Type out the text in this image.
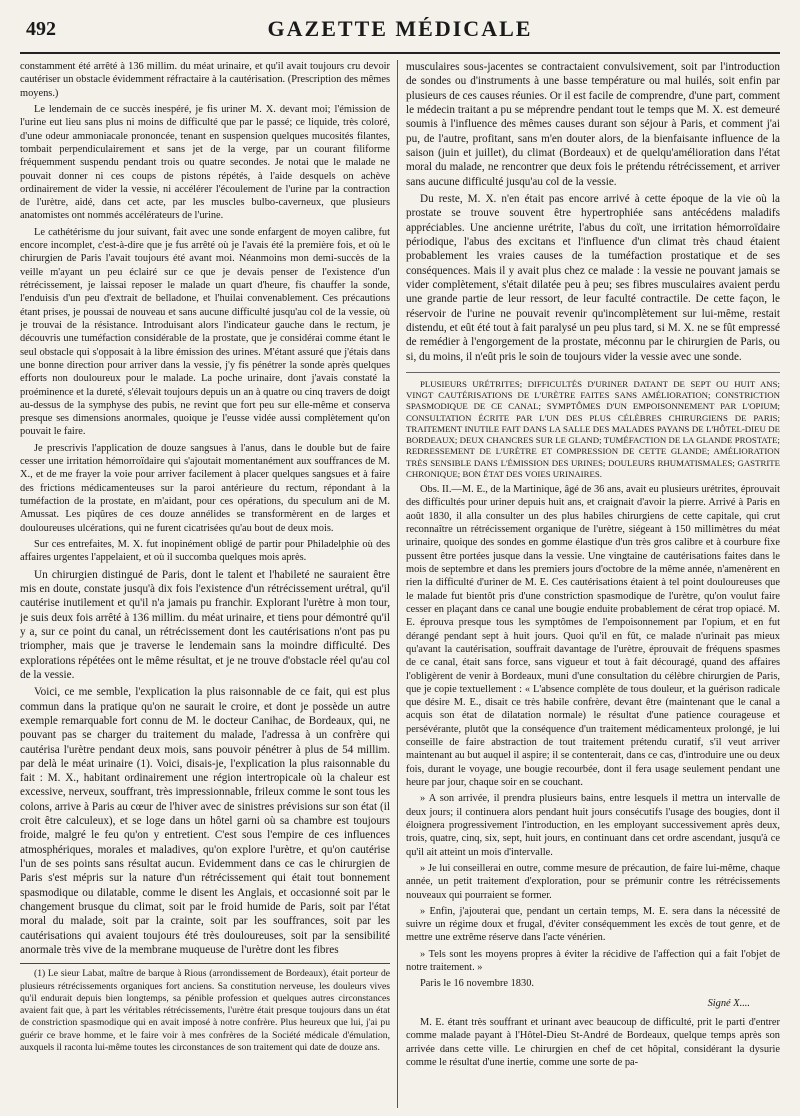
492	GAZETTE MÉDICALE

constamment été arrêté à 136 millim. du méat urinaire, et qu'il avait toujours cru devoir cautériser un obstacle évidemment réfractaire à la cautérisation. (Prescription des mêmes moyens.)

Le lendemain de ce succès inespéré, je fis uriner M. X. devant moi; l'émission de l'urine eut lieu sans plus ni moins de difficulté que par le passé; ce liquide, très coloré, d'une odeur ammoniacale prononcée, tenant en suspension quelques mucosités filantes, tombait perpendiculairement et sans jet de la verge, par un courant filiforme fréquemment suspendu pendant trois ou quatre secondes. Je notai que le malade ne pouvait donner ni ces coups de pistons répétés, à l'aide desquels on achève ordinairement de vider la vessie, ni accélérer l'écoulement de l'urine par la contraction de l'urètre, aidé, dans cet acte, par les muscles bulbo-caverneux, que plusieurs anatomistes ont nommés accélérateurs de l'urine.

Le cathétérisme du jour suivant, fait avec une sonde enfargent de moyen calibre, fut encore incomplet, c'est-à-dire que je fus arrêté où je l'avais été la première fois, et où le chirurgien de Paris l'avait toujours été avant moi. Néanmoins mon demi-succès de la veille m'ayant un peu éclairé sur ce que je devais penser de l'existence d'un rétrécissement, je laissai reposer le malade un quart d'heure, fis chauffer la sonde, l'enduisis d'un peu d'extrait de belladone, et l'huilai convenablement. Ces précautions étant prises, je poussai de nouveau et sans aucune difficulté jusqu'au col de la vessie, où je trouvai de la résistance. Introduisant alors l'indicateur gauche dans le rectum, je découvris une tuméfaction considérable de la prostate, que je considérai comme étant le seul obstacle qui s'opposait à la libre émission des urines. M'étant assuré que j'étais dans une bonne direction pour arriver dans la vessie, j'y fis pénétrer la sonde après quelques efforts non douloureux pour le malade. La poche urinaire, dont j'avais constaté la proéminence et la dureté, s'élevait toujours depuis un an à quatre ou cinq travers de doigt au-dessus de la symphyse des pubis, ne revint que fort peu sur elle-même et conserva presque ses dimensions anormales, quoique je l'eusse vidée aussi complètement qu'on pouvait le faire.

Je prescrivis l'application de douze sangsues à l'anus, dans le double but de faire cesser une irritation hémorroïdaire qui s'ajoutait momentanément aux souffrances de M. X., et de me frayer la voie pour arriver facilement à placer quelques sangsues et à faire des frictions médicamenteuses sur la paroi antérieure du rectum, répondant à la tuméfaction de la prostate, en m'aidant, pour ces opérations, du speculum ani de M. Amussat. Les piqûres de ces douze annélides se transformèrent en de larges et douloureuses ulcérations, qui ne furent cicatrisées qu'au bout de deux mois.

Sur ces entrefaites, M. X. fut inopinément obligé de partir pour Philadelphie où des affaires urgentes l'appelaient, et où il succomba quelques mois après.

Un chirurgien distingué de Paris, dont le talent et l'habileté ne sauraient être mis en doute, constate jusqu'à dix fois l'existence d'un rétrécissement urétral, qu'il cautérise inutilement et qu'il n'a jamais pu franchir. Explorant l'urètre à mon tour, je suis deux fois arrêté à 136 millim. du méat urinaire, et tiens pour démontré qu'il y a, sur ce point du canal, un rétrécissement dont les cautérisations n'ont pas pu triompher, mais que je traverse le lendemain sans la moindre difficulté. Des explorations répétées ont le même résultat, et je ne trouve d'obstacle réel qu'au col de la vessie.

Voici, ce me semble, l'explication la plus raisonnable de ce fait, qui est plus commun dans la pratique qu'on ne saurait le croire, et dont je possède un autre exemple remarquable fort connu de M. le docteur Canihac, de Bordeaux, qui, ne pouvant pas se charger du traitement du malade, l'adressa à un confrère qui cautérisa l'urètre pendant deux mois, sans pouvoir pénétrer à plus de 54 millim. par delà le méat urinaire (1). Voici, disais-je, l'explication la plus raisonnable du fait : M. X., habitant ordinairement une région intertropicale où la chaleur est excessive, nerveux, souffrant, très impressionnable, frileux comme le sont tous les colons, arrive à Paris au cœur de l'hiver avec de sinistres prévisions sur son état (il croit être calculeux), et se loge dans un hôtel garni où sa chambre est toujours froide, malgré le feu qu'on y entretient. C'est sous l'empire de ces influences atmosphériques, morales et maladives, qu'on explore l'urètre, et qu'on cautérise l'un de ses points sans résultat aucun. Evidemment dans ce cas le chirurgien de Paris s'est mépris sur la nature d'un rétrécissement qui était tout bonnement spasmodique ou dilatable, comme le disent les Anglais, et occasionné soit par le changement brusque du climat, soit par le froid humide de Paris, soit par l'état moral du malade, soit par la crainte, soit par les souffrances, soit par les cautérisations qui avaient toujours été très douloureuses, soit par la sensibilité anormale très vive de la membrane muqueuse de l'urètre dont les fibres

(1) Le sieur Labat, maître de barque à Rious (arrondissement de Bordeaux), était porteur de plusieurs rétrécissements organiques fort anciens. Sa constitution nerveuse, les douleurs vives qu'il endurait depuis bien longtemps, sa pénible profession et quelques autres circonstances avaient fait que, à part les véritables rétrécissements, l'urètre était presque toujours dans un état de constriction spasmodique qui en avait imposé à notre confrère. Plus heureux que lui, j'ai pu guérir ce brave homme, et le faire voir à mes confrères de la Société médicale d'émulation, auxquels il raconta lui-même toutes les circonstances de son traitement qui date de douze ans.

musculaires sous-jacentes se contractaient convulsivement, soit par l'introduction de sondes ou d'instruments à une basse température ou mal huilés, soit enfin par plusieurs de ces causes réunies. Or il est facile de comprendre, d'une part, comment le médecin traitant a pu se méprendre pendant tout le temps que M. X. est demeuré soumis à l'influence des mêmes causes durant son séjour à Paris, et comment j'ai pu, de l'autre, profitant, sans m'en douter alors, de la bienfaisante influence de la saison (juin et juillet), du climat (Bordeaux) et de quelqu'amélioration dans l'état moral du malade, ne rencontrer que deux fois le prétendu rétrécissement, et arriver sans aucune difficulté jusqu'au col de la vessie.

Du reste, M. X. n'en était pas encore arrivé à cette époque de la vie où la prostate se trouve souvent être hypertrophiée sans antécédens maladifs appréciables. Une ancienne urétrite, l'abus du coït, une irritation hémorroïdaire périodique, l'abus des excitans et l'influence d'un climat très chaud étaient probablement les vraies causes de la tuméfaction prostatique et de ses conséquences. Mais il y avait plus chez ce malade : la vessie ne pouvant jamais se vider complètement, s'était dilatée peu à peu; ses fibres musculaires avaient perdu une grande partie de leur ressort, de leur faculté contractile. De cette façon, le réservoir de l'urine ne pouvait revenir qu'incomplètement sur lui-même, restait distendu, et eût été tout à fait paralysé un peu plus tard, si M. X. ne se fût empressé de remédier à l'engorgement de la prostate, méconnu par le chirurgien de Paris, ou si, du moins, il n'eût pris le soin de toujours vider la vessie avec une sonde.

PLUSIEURS URÉTRITES; DIFFICULTÉS D'URINER DATANT DE SEPT OU HUIT ANS; VINGT CAUTÉRISATIONS DE L'URÈTRE FAITES SANS AMÉLIORATION; CONSTRICTION SPASMODIQUE DE CE CANAL; SYMPTÔMES D'UN EMPOISONNEMENT PAR L'OPIUM; CONSULTATION ÉCRITE PAR L'UN DES PLUS CÉLÈBRES CHIRURGIENS DE PARIS; TRAITEMENT INUTILE FAIT DANS LA SALLE DES MALADES PAYANS DE L'HÔTEL-DIEU DE BORDEAUX; DEUX CHANCRES SUR LE GLAND; TUMÉFACTION DE LA GLANDE PROSTATE; REDRESSEMENT DE L'URÈTRE ET COMPRESSION DE CETTE GLANDE; AMÉLIORATION TRÈS SENSIBLE DANS L'ÉMISSION DES URINES; DOULEURS RHUMATISMALES; GASTRITE CHRONIQUE; BON ÉTAT DES VOIES URINAIRES.

Obs. II.—M. E., de la Martinique, âgé de 36 ans, avait eu plusieurs urétrites, éprouvait des difficultés pour uriner depuis huit ans, et craignait d'avoir la pierre. Arrivé à Paris en août 1830, il alla consulter un des plus habiles chirurgiens de cette capitale, qui crut reconnaître un rétrécissement organique de l'urètre, siégeant à 150 millimètres du méat urinaire, quoique des sondes en gomme élastique d'un très gros calibre et à courbure fixe pussent être portées jusque dans la vessie. Une vingtaine de cautérisations faites dans le mois de septembre et dans les premiers jours d'octobre de la même année, n'amenèrent en rien la difficulté d'uriner de M. E. Ces cautérisations étaient à tel point douloureuses que le malade fut bientôt pris d'une constriction spasmodique de l'urètre, qu'on voulut faire cesser en plaçant dans ce canal une bougie enduite probablement de cérat trop opiacé. M. E. éprouva presque tous les symptômes de l'empoisonnement par l'opium, et en fut dérangé pendant sept à huit jours. Quoi qu'il en fût, ce malade n'urinait pas mieux qu'avant la cautérisation, souffrait davantage de l'urètre, éprouvait de fréquens spasmes de ce canal, était sans force, sans vigueur et tout à fait découragé, quand des affaires l'obligèrent de venir à Bordeaux, muni d'une consultation du célèbre chirurgien de Paris, que je copie textuellement : « L'absence complète de tous douleur, et la guérison radicale que désire M. E., disait ce très habile confrère, devant être (maintenant que le canal a acquis son état de dilatation normale) le résultat d'une patience courageuse et persévérante, plutôt que la conséquence d'un traitement médicamenteux prolongé, je lui conseille de faire abstraction de tout traitement prétendu curatif, s'il veut arriver maintenant au but auquel il aspire; il se contenterait, dans ce cas, d'introduire une ou deux fois, durant le voyage, une bougie recourbée, dont il fera usage seulement pendant une heure par jour, chaque soir en se couchant.

» A son arrivée, il prendra plusieurs bains, entre lesquels il mettra un intervalle de deux jours; il continuera alors pendant huit jours consécutifs l'usage des bougies, dont il éloignera progressivement l'introduction, en les employant successivement après deux, trois, quatre, cinq, six, sept, huit jours, en continuant dans cet ordre ascendant, jusqu'à ce qu'il ait atteint un mois d'intervalle.

» Je lui conseillerai en outre, comme mesure de précaution, de faire lui-même, chaque année, un petit traitement d'exploration, pour se prémunir contre les rétrécissements nouveaux qui pourraient se former.

» Enfin, j'ajouterai que, pendant un certain temps, M. E. sera dans la nécessité de suivre un régime doux et frugal, d'éviter conséquemment les excès de tout genre, et de mettre une extrême réserve dans l'acte vénérien.

» Tels sont les moyens propres à éviter la récidive de l'affection qui a fait l'objet de notre traitement. »

Paris le 16 novembre 1830.

Signé X....

M. E. étant très souffrant et urinant avec beaucoup de difficulté, prit le parti d'entrer comme malade payant à l'Hôtel-Dieu St-André de Bordeaux, quelque temps après son arrivée dans cette ville. Le chirurgien en chef de cet hôpital, considérant la dysurie comme le résultat d'une inertie, comme une sorte de pa-
